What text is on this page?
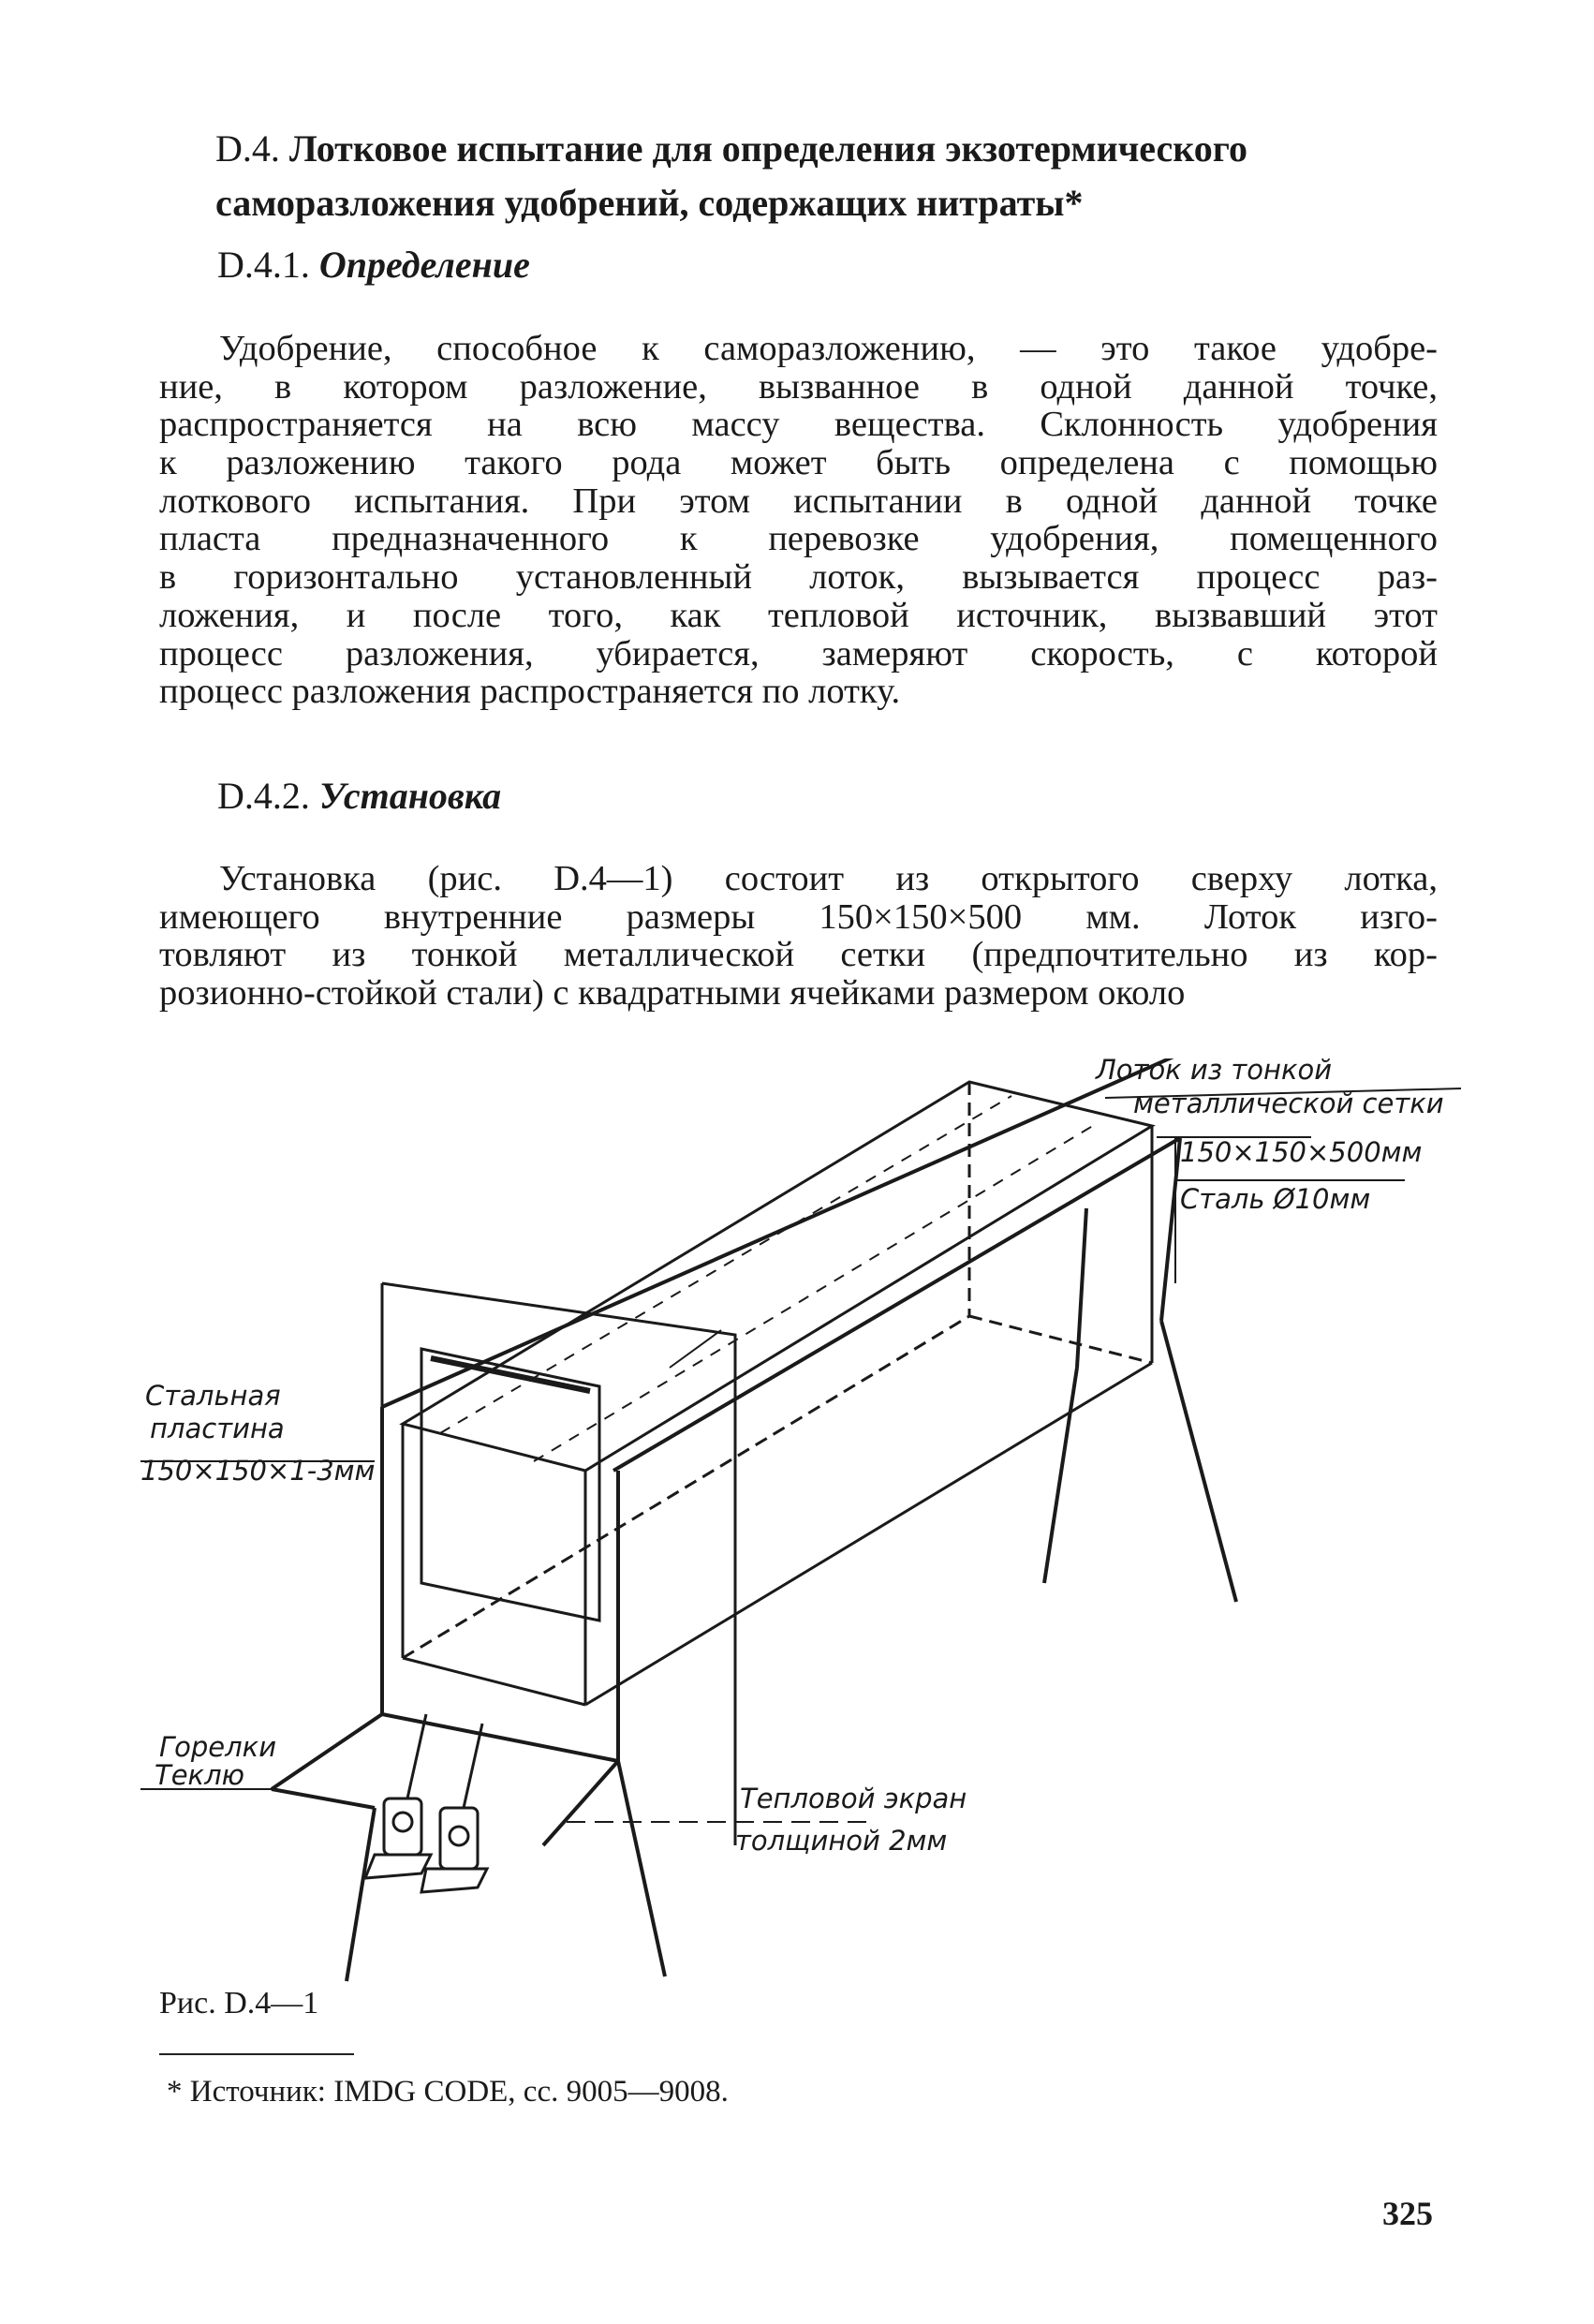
D.4. Лотковое испытание для определения экзотермического
саморазложения удобрений, содержащих нитраты*
D.4.1. Определение
Удобрение, способное к саморазложению, — это такое удобре-
ние, в котором разложение, вызванное в одной данной точке,
распространяется на всю массу вещества. Склонность удобрения
к разложению такого рода может быть определена с помощью
лоткового испытания. При этом испытании в одной данной точке
пласта предназначенного к перевозке удобрения, помещенного
в горизонтально установленный лоток, вызывается процесс раз-
ложения, и после того, как тепловой источник, вызвавший этот
процесс разложения, убирается, замеряют скорость, с которой
процесс разложения распространяется по лотку.
D.4.2. Установка
Установка (рис. D.4—1) состоит из открытого сверху лотка,
имеющего внутренние размеры 150×150×500 мм. Лоток изго-
товляют из тонкой металлической сетки (предпочтительно из кор-
розионно-стойкой стали) с квадратными ячейками размером около
Лоток из тонкой
металлической сетки
150×150×500мм
Сталь Ø10мм
Стальная
пластина
150×150×1-3мм
Горелки
Теклю
Тепловой экран
толщиной 2мм
Рис. D.4—1
* Источник: IMDG CODE, сс. 9005—9008.
325
